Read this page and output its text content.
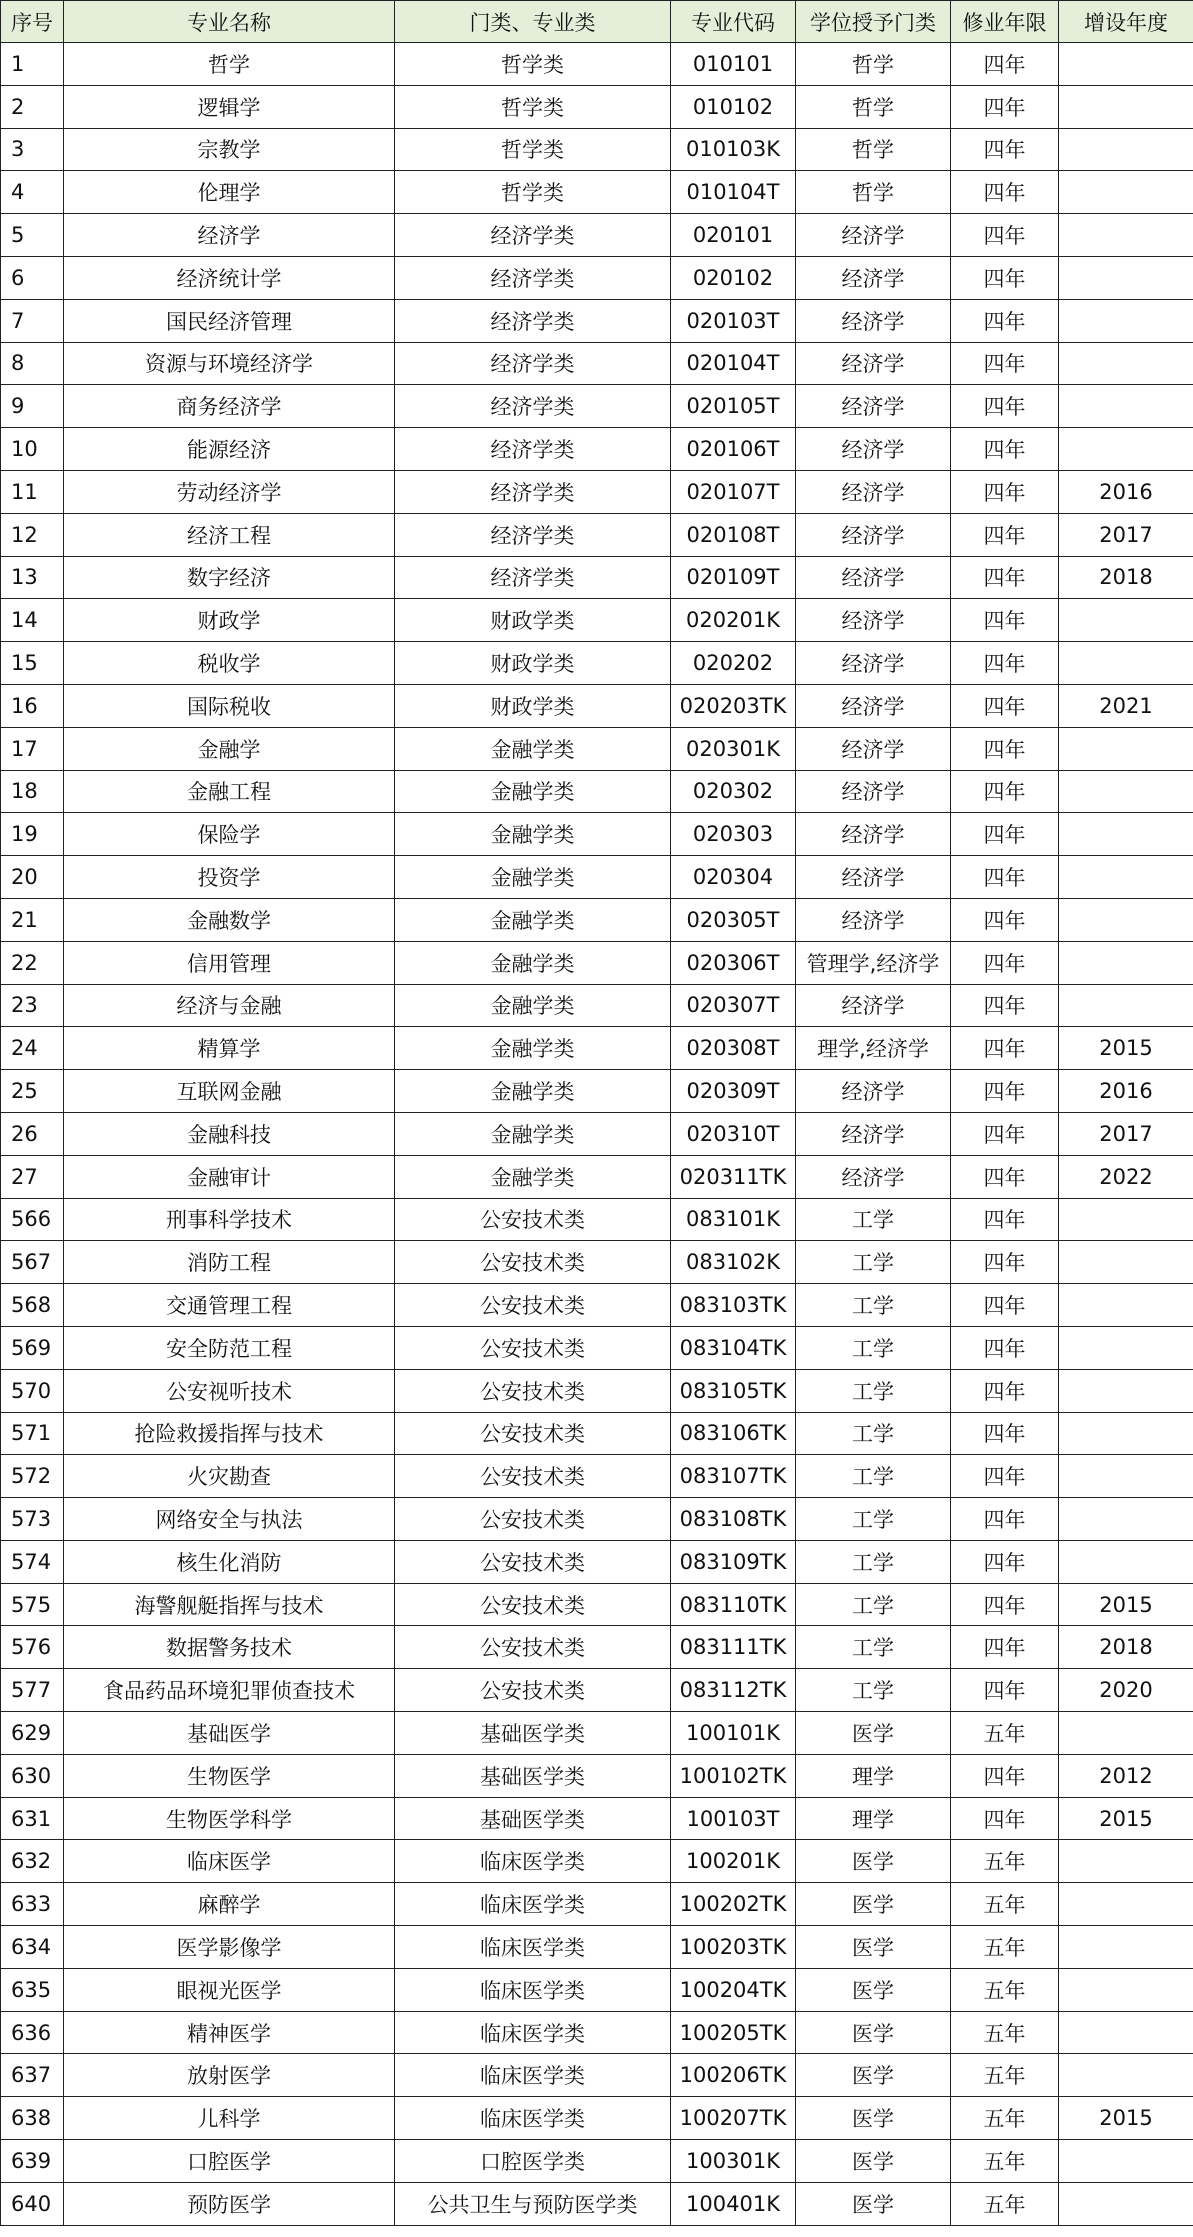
序号	专业名称	门类、专业类	专业代码	学位授予门类	修业年限	增设年度
1	哲学	哲学类	010101	哲学	四年	
2	逻辑学	哲学类	010102	哲学	四年	
3	宗教学	哲学类	010103K	哲学	四年	
4	伦理学	哲学类	010104T	哲学	四年	
5	经济学	经济学类	020101	经济学	四年	
6	经济统计学	经济学类	020102	经济学	四年	
7	国民经济管理	经济学类	020103T	经济学	四年	
8	资源与环境经济学	经济学类	020104T	经济学	四年	
9	商务经济学	经济学类	020105T	经济学	四年	
10	能源经济	经济学类	020106T	经济学	四年	
11	劳动经济学	经济学类	020107T	经济学	四年	2016
12	经济工程	经济学类	020108T	经济学	四年	2017
13	数字经济	经济学类	020109T	经济学	四年	2018
14	财政学	财政学类	020201K	经济学	四年	
15	税收学	财政学类	020202	经济学	四年	
16	国际税收	财政学类	020203TK	经济学	四年	2021
17	金融学	金融学类	020301K	经济学	四年	
18	金融工程	金融学类	020302	经济学	四年	
19	保险学	金融学类	020303	经济学	四年	
20	投资学	金融学类	020304	经济学	四年	
21	金融数学	金融学类	020305T	经济学	四年	
22	信用管理	金融学类	020306T	管理学,经济学	四年	
23	经济与金融	金融学类	020307T	经济学	四年	
24	精算学	金融学类	020308T	理学,经济学	四年	2015
25	互联网金融	金融学类	020309T	经济学	四年	2016
26	金融科技	金融学类	020310T	经济学	四年	2017
27	金融审计	金融学类	020311TK	经济学	四年	2022
566	刑事科学技术	公安技术类	083101K	工学	四年	
567	消防工程	公安技术类	083102K	工学	四年	
568	交通管理工程	公安技术类	083103TK	工学	四年	
569	安全防范工程	公安技术类	083104TK	工学	四年	
570	公安视听技术	公安技术类	083105TK	工学	四年	
571	抢险救援指挥与技术	公安技术类	083106TK	工学	四年	
572	火灾勘查	公安技术类	083107TK	工学	四年	
573	网络安全与执法	公安技术类	083108TK	工学	四年	
574	核生化消防	公安技术类	083109TK	工学	四年	
575	海警舰艇指挥与技术	公安技术类	083110TK	工学	四年	2015
576	数据警务技术	公安技术类	083111TK	工学	四年	2018
577	食品药品环境犯罪侦查技术	公安技术类	083112TK	工学	四年	2020
629	基础医学	基础医学类	100101K	医学	五年	
630	生物医学	基础医学类	100102TK	理学	四年	2012
631	生物医学科学	基础医学类	100103T	理学	四年	2015
632	临床医学	临床医学类	100201K	医学	五年	
633	麻醉学	临床医学类	100202TK	医学	五年	
634	医学影像学	临床医学类	100203TK	医学	五年	
635	眼视光医学	临床医学类	100204TK	医学	五年	
636	精神医学	临床医学类	100205TK	医学	五年	
637	放射医学	临床医学类	100206TK	医学	五年	
638	儿科学	临床医学类	100207TK	医学	五年	2015
639	口腔医学	口腔医学类	100301K	医学	五年	
640	预防医学	公共卫生与预防医学类	100401K	医学	五年	
